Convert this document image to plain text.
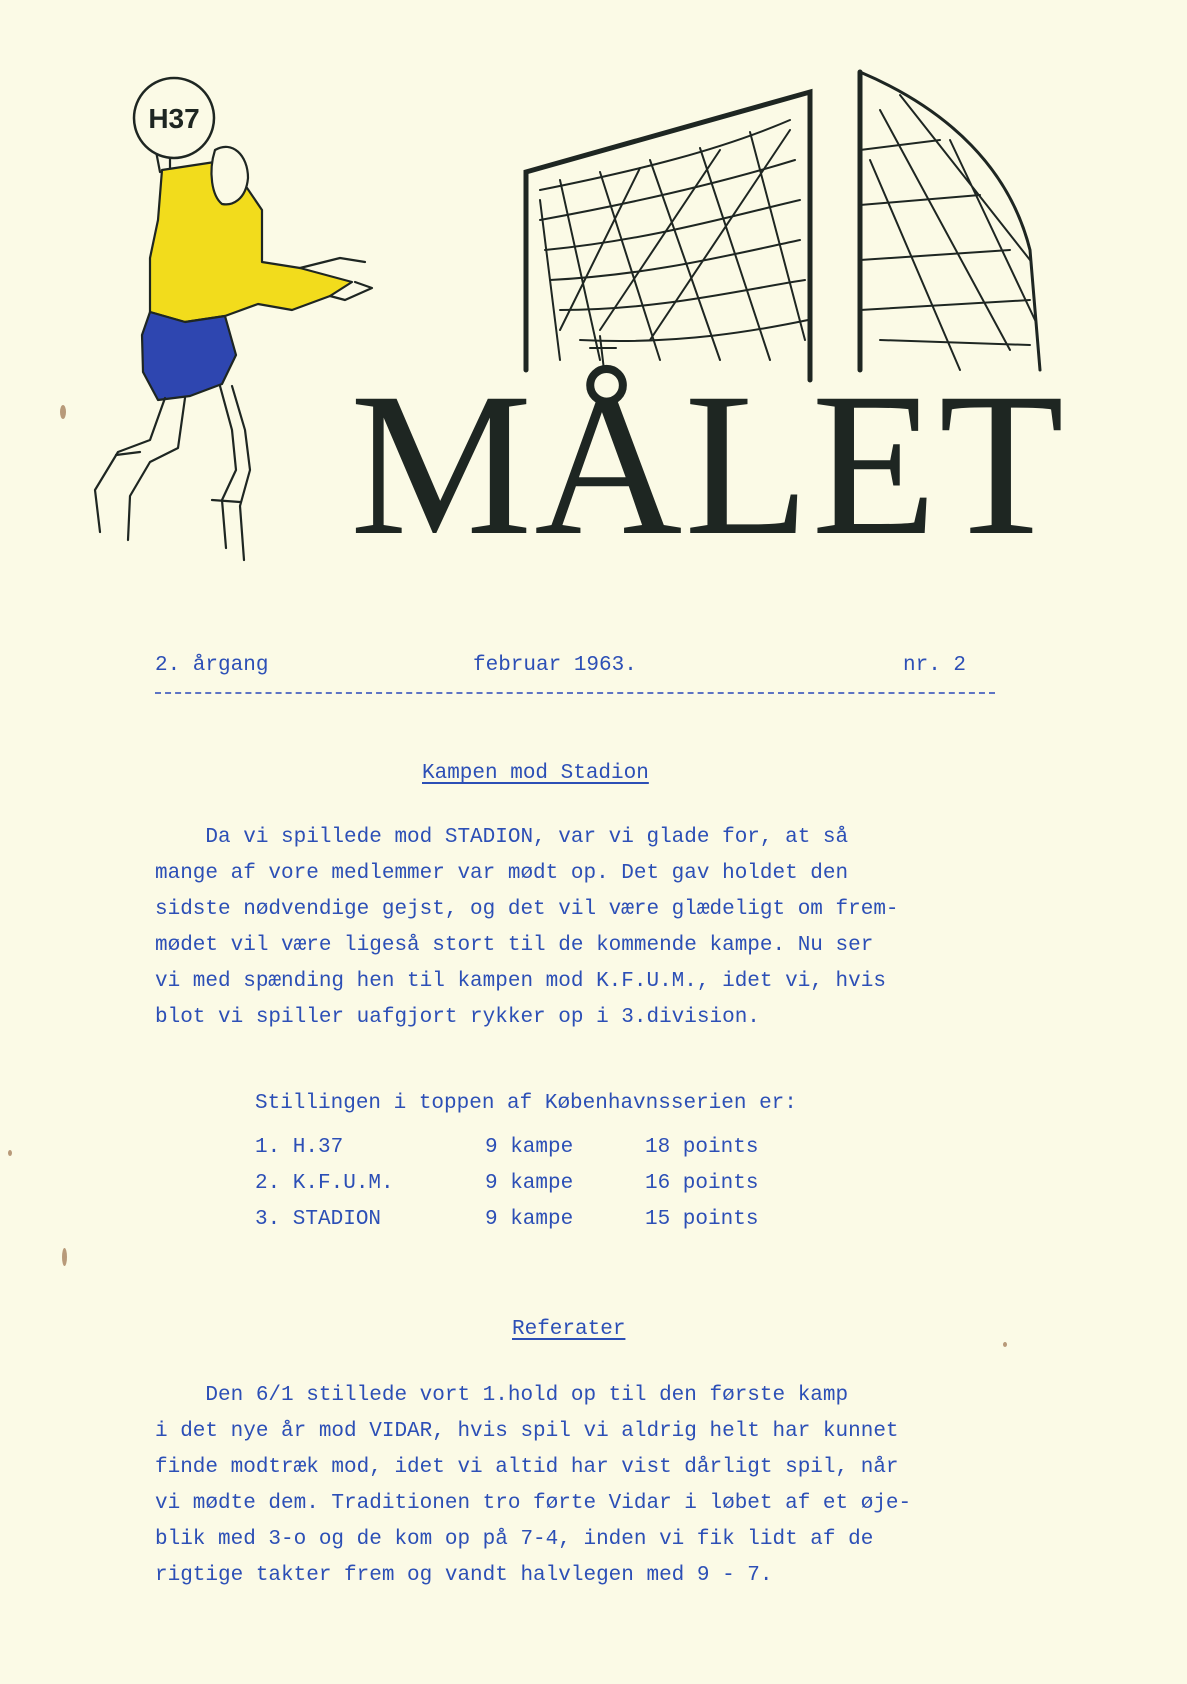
H37
MÅLET
2. årgang	februar 1963.	nr. 2
Kampen mod Stadion

Da vi spillede mod STADION, var vi glade for, at så

mange af vore medlemmer var mødt op. Det gav holdet den

sidste nødvendige gejst, og det vil være glædeligt om frem-

mødet vil være ligeså stort til de kommende kampe. Nu ser

vi med spænding hen til kampen mod K.F.U.M., idet vi, hvis

blot vi spiller uafgjort rykker op i 3.division.

Stillingen i toppen af Københavnsserien er:
1. H.37	9 kampe	18 points
2. K.F.U.M.	9 kampe	16 points
3. STADION	9 kampe	15 points
Referater

Den 6/1 stillede vort 1.hold op til den første kamp

i det nye år mod VIDAR, hvis spil vi aldrig helt har kunnet

finde modtræk mod, idet vi altid har vist dårligt spil, når

vi mødte dem. Traditionen tro førte Vidar i løbet af et øje-

blik med 3-o og de kom op på 7-4, inden vi fik lidt af de

rigtige takter frem og vandt halvlegen med 9 - 7.
